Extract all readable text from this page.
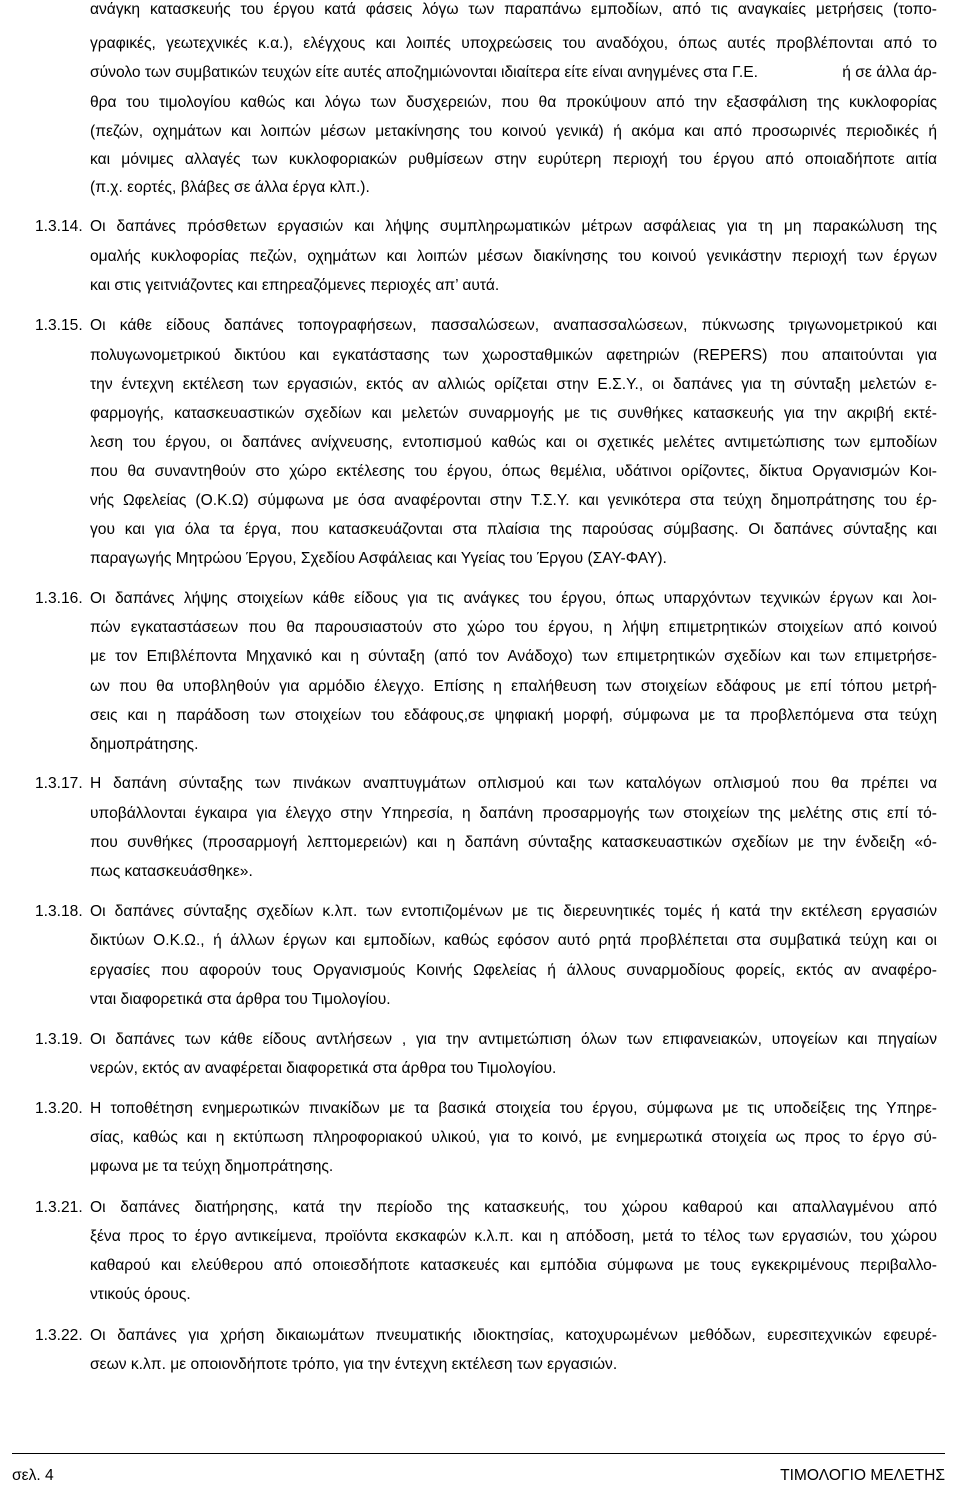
ανάγκη κατασκευής του έργου κατά φάσεις λόγω των παραπάνω εμποδίων, από τις αναγκαίες μετρήσεις (τοπο-
γραφικές, γεωτεχνικές κ.α.), ελέγχους και λοιπές υποχρεώσεις του αναδόχου, όπως αυτές προβλέπονται από το
σύνολο των συμβατικών τευχών είτε αυτές αποζημιώνονται ιδιαίτερα είτε είναι ανηγμένες στα Γ.Ε.	ή σε άλλα άρ-
θρα του τιμολογίου καθώς και λόγω των δυσχερειών, που θα προκύψουν από την εξασφάλιση της κυκλοφορίας
(πεζών, οχημάτων και λοιπών μέσων μετακίνησης του κοινού γενικά) ή ακόμα και από προσωρινές περιοδικές ή
και μόνιμες αλλαγές των κυκλοφοριακών ρυθμίσεων στην ευρύτερη περιοχή του έργου από οποιαδήποτε αιτία
(π.χ. εορτές, βλάβες σε άλλα έργα κλπ.).
1.3.14. Οι δαπάνες πρόσθετων εργασιών και λήψης συμπληρωματικών μέτρων ασφάλειας για τη μη παρακώλυση της
ομαλής κυκλοφορίας πεζών, οχημάτων και λοιπών μέσων διακίνησης του κοινού γενικάστην περιοχή των έργων
και στις γειτνιάζοντες και επηρεαζόμενες περιοχές απ’ αυτά.
1.3.15. Οι κάθε είδους δαπάνες τοπογραφήσεων, πασσαλώσεων, αναπασσαλώσεων, πύκνωσης τριγωνομετρικού και
πολυγωνομετρικού δικτύου και εγκατάστασης των χωροσταθμικών αφετηριών (REPERS) που απαιτούνται για
την έντεχνη εκτέλεση των εργασιών, εκτός αν αλλιώς ορίζεται στην Ε.Σ.Υ., οι δαπάνες για τη σύνταξη μελετών ε-
φαρμογής, κατασκευαστικών σχεδίων και μελετών συναρμογής με τις συνθήκες κατασκευής για την ακριβή εκτέ-
λεση του έργου, οι δαπάνες ανίχνευσης, εντοπισμού καθώς και οι σχετικές μελέτες αντιμετώπισης των εμποδίων
που θα συναντηθούν στο χώρο εκτέλεσης του έργου, όπως θεμέλια, υδάτινοι ορίζοντες, δίκτυα Οργανισμών Κοι-
νής Ωφελείας (Ο.Κ.Ω) σύμφωνα με όσα αναφέρονται στην Τ.Σ.Υ. και γενικότερα στα τεύχη δημοπράτησης του έρ-
γου και για όλα τα έργα, που κατασκευάζονται στα πλαίσια της παρούσας σύμβασης. Οι δαπάνες σύνταξης και
παραγωγής Μητρώου Έργου, Σχεδίου Ασφάλειας και Υγείας του Έργου (ΣΑΥ-ΦΑΥ).
1.3.16. Οι δαπάνες λήψης στοιχείων κάθε είδους για τις ανάγκες του έργου, όπως υπαρχόντων τεχνικών έργων και λοι-
πών εγκαταστάσεων που θα παρουσιαστούν στο χώρο του έργου, η λήψη επιμετρητικών στοιχείων από κοινού
με τον Επιβλέποντα Μηχανικό και η σύνταξη (από τον Ανάδοχο) των επιμετρητικών σχεδίων και των επιμετρήσε-
ων που θα υποβληθούν για αρμόδιο έλεγχο. Επίσης η επαλήθευση των στοιχείων εδάφους με επί τόπου μετρή-
σεις και η παράδοση των στοιχείων του εδάφους,σε ψηφιακή μορφή, σύμφωνα με τα προβλεπόμενα στα τεύχη
δημοπράτησης.
1.3.17. Η δαπάνη σύνταξης των πινάκων αναπτυγμάτων οπλισμού και των καταλόγων οπλισμού που θα πρέπει να
υποβάλλονται έγκαιρα για έλεγχο στην Υπηρεσία, η δαπάνη προσαρμογής των στοιχείων της μελέτης στις επί τό-
που συνθήκες (προσαρμογή λεπτομερειών) και η δαπάνη σύνταξης κατασκευαστικών σχεδίων με την ένδειξη «ό-
πως κατασκευάσθηκε».
1.3.18. Οι δαπάνες σύνταξης σχεδίων κ.λπ. των εντοπιζομένων με τις διερευνητικές τομές ή κατά την εκτέλεση εργασιών
δικτύων Ο.Κ.Ω., ή άλλων έργων και εμποδίων, καθώς εφόσον αυτό ρητά προβλέπεται στα συμβατικά τεύχη και οι
εργασίες που αφορούν τους Οργανισμούς Κοινής Ωφελείας ή άλλους συναρμοδίους φορείς, εκτός αν αναφέρο-
νται διαφορετικά στα άρθρα του Τιμολογίου.
1.3.19. Οι δαπάνες των κάθε είδους αντλήσεων , για την αντιμετώπιση όλων των επιφανειακών, υπογείων και πηγαίων
νερών, εκτός αν αναφέρεται διαφορετικά στα άρθρα του Τιμολογίου.
1.3.20. Η τοποθέτηση ενημερωτικών πινακίδων με τα βασικά στοιχεία του έργου, σύμφωνα με τις υποδείξεις της Υπηρε-
σίας, καθώς και η εκτύπωση πληροφοριακού υλικού, για το κοινό, με ενημερωτικά στοιχεία ως προς το έργο σύ-
μφωνα με τα τεύχη δημοπράτησης.
1.3.21. Οι δαπάνες διατήρησης, κατά την περίοδο της κατασκευής, του χώρου καθαρού και απαλλαγμένου από
ξένα προς το έργο αντικείμενα, προϊόντα εκσκαφών κ.λ.π. και η απόδοση, μετά το τέλος των εργασιών, του χώρου
καθαρού και ελεύθερου από οποιεσδήποτε κατασκευές και εμπόδια σύμφωνα με τους εγκεκριμένους περιβαλλο-
ντικούς όρους.
1.3.22. Οι δαπάνες για χρήση δικαιωμάτων πνευματικής ιδιοκτησίας, κατοχυρωμένων μεθόδων, ευρεσιτεχνικών εφευρέ-
σεων κ.λπ. με οποιονδήποτε τρόπο, για την έντεχνη εκτέλεση των εργασιών.
σελ. 4	ΤΙΜΟΛΟΓΙΟ ΜΕΛΕΤΗΣ
